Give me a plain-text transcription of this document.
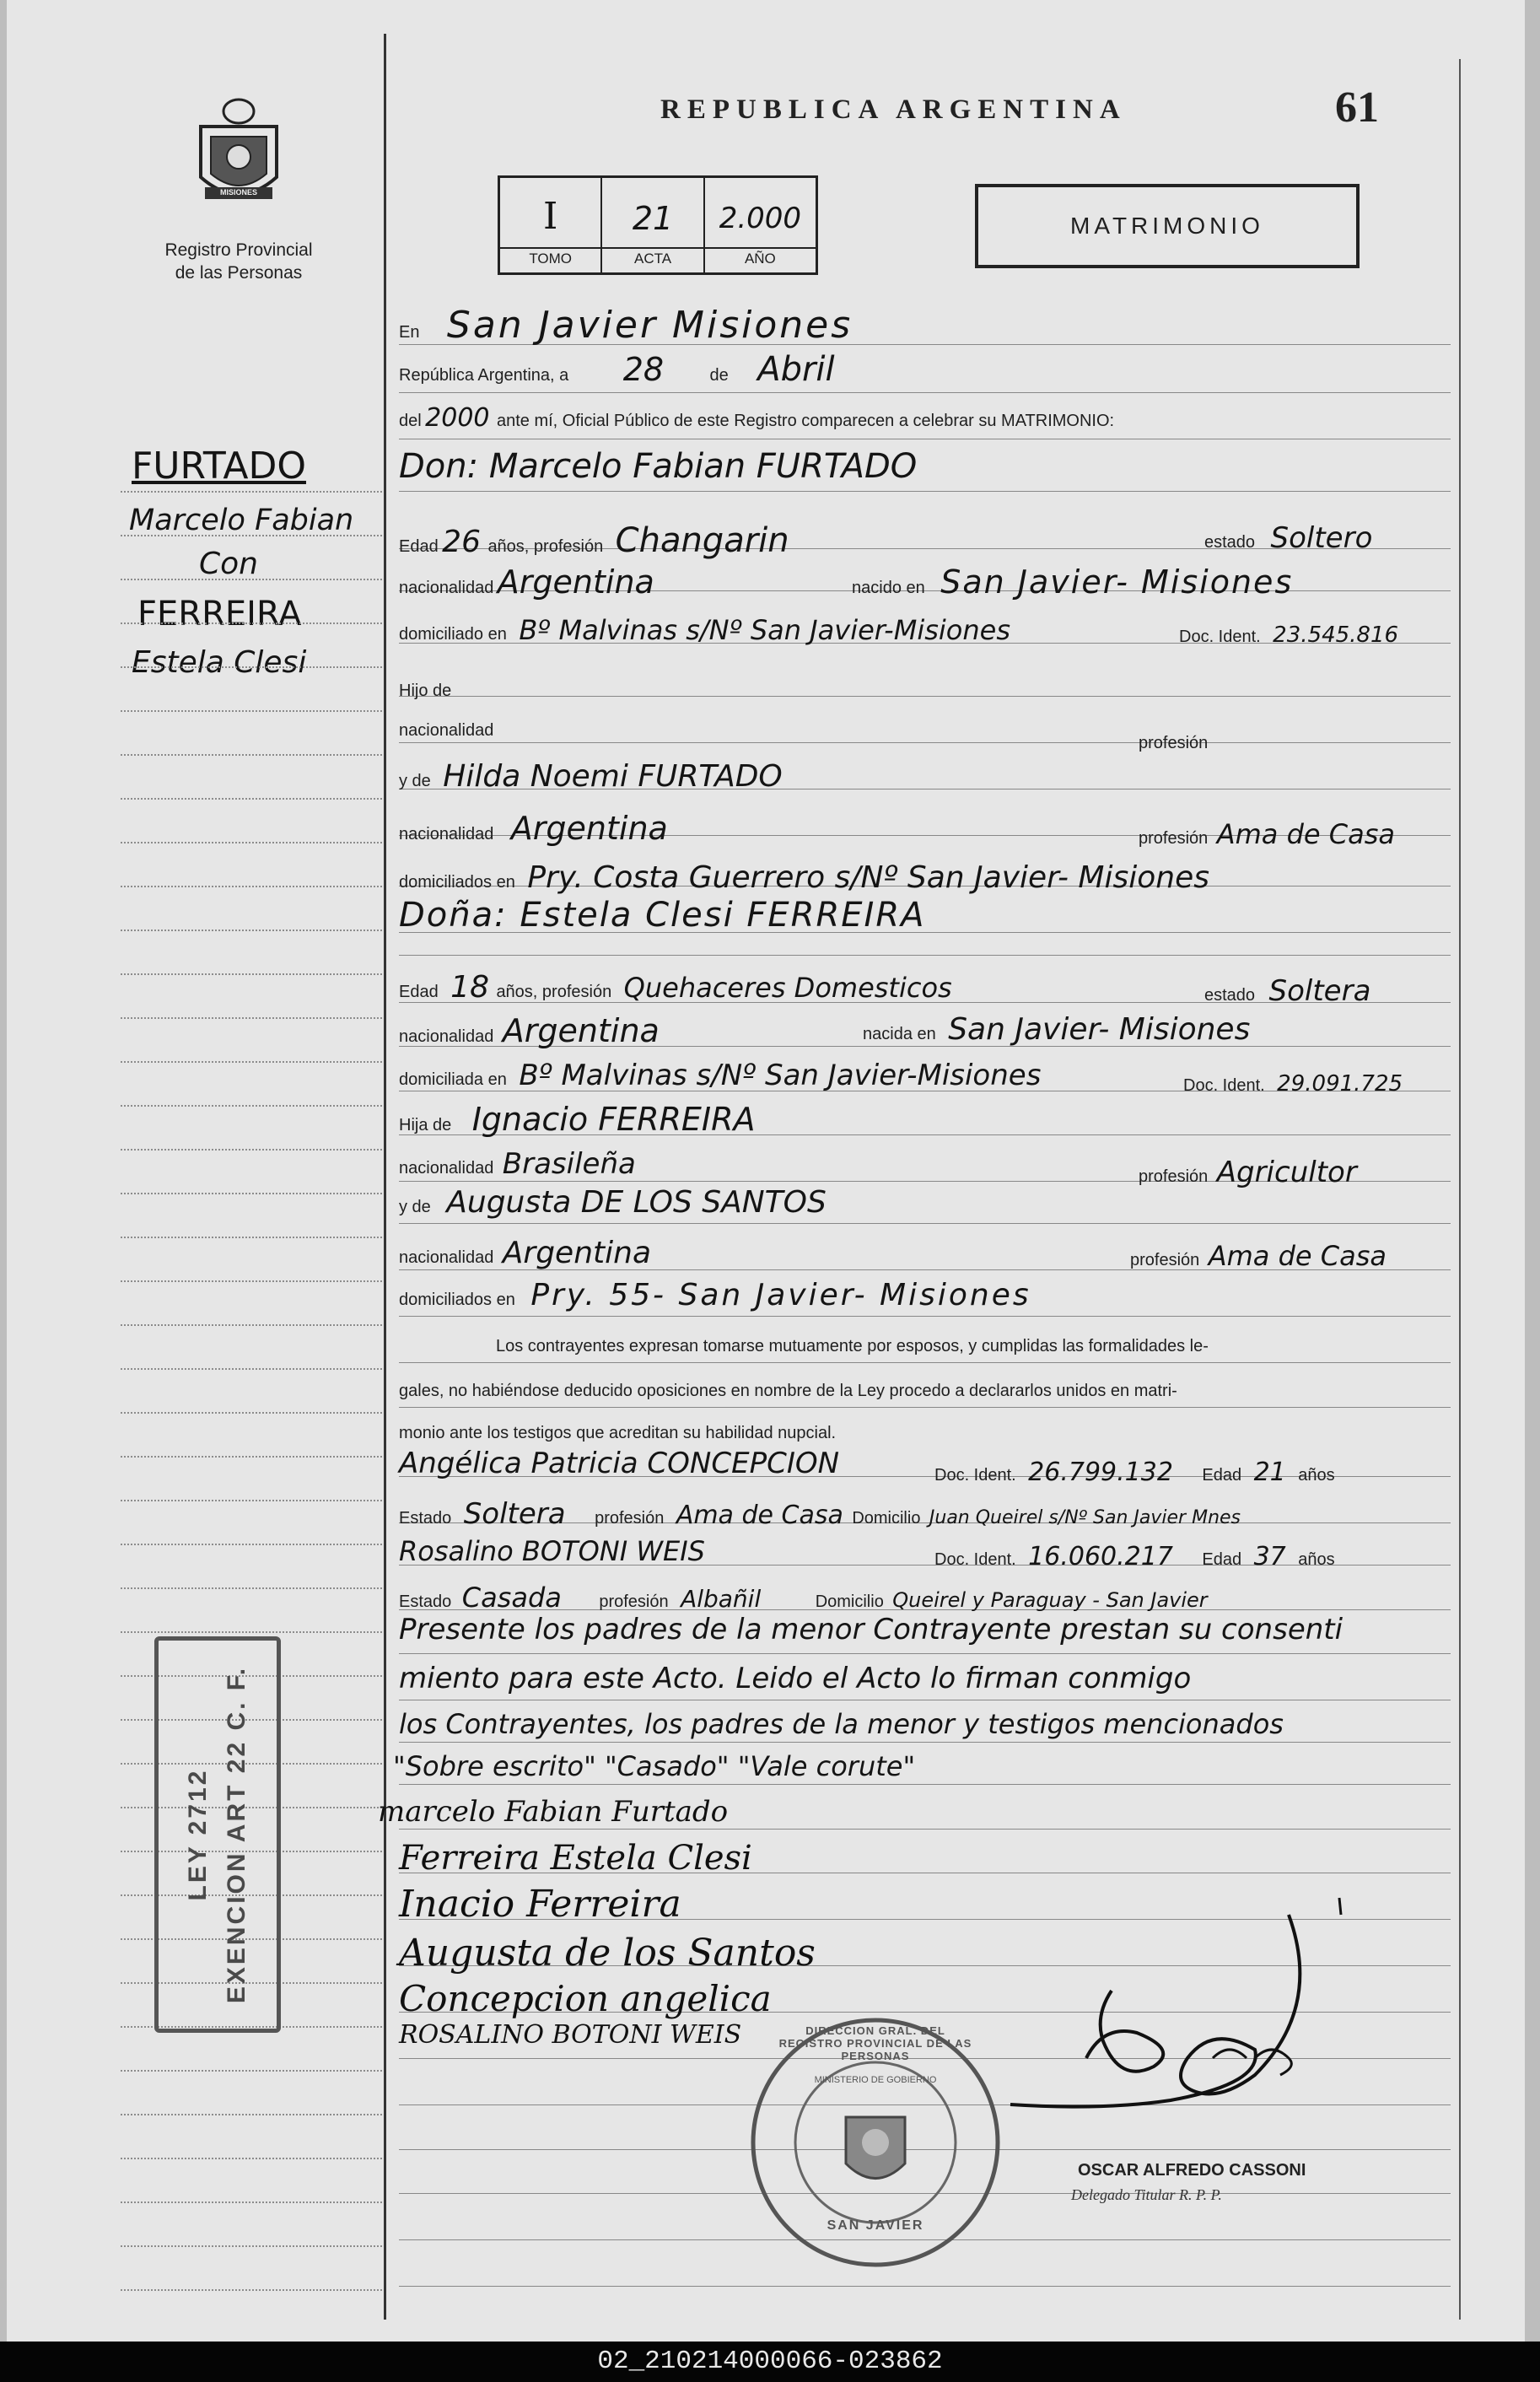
MISIONES
Registro Provincial
de las Personas
REPUBLICA ARGENTINA	61
I
TOMO
21
ACTA
2.000
AÑO
MATRIMONIO
FURTADO
Marcelo Fabian
Con
FERREIRA
Estela Clesi
En San Javier Misiones
República Argentina, a 28	de Abril
del 2000 ante mí, Oficial Público de este Registro comparecen a celebrar su MATRIMONIO:
Don: Marcelo Fabian FURTADO
Edad 26 años, profesión Changarin	estado Soltero
nacionalidad Argentina	nacido en San Javier- Misiones
domiciliado en Bº Malvinas s/Nº San Javier-Misiones	Doc. Ident. 23.545.816
Hijo de
nacionalidad
profesión
y de Hilda Noemi FURTADO
nacionalidad Argentina	profesión Ama de Casa
domiciliados en Pry. Costa Guerrero s/Nº San Javier- Misiones
Doña: Estela Clesi FERREIRA
Edad 18 años, profesión Quehaceres Domesticos	estado Soltera
nacionalidad Argentina	nacida en San Javier- Misiones
domiciliada en Bº Malvinas s/Nº San Javier-Misiones	Doc. Ident. 29.091.725
Hija de Ignacio FERREIRA
nacionalidad Brasileña	profesión Agricultor
y de Augusta DE LOS SANTOS
nacionalidad Argentina	profesión Ama de Casa
domiciliados en Pry. 55- San Javier- Misiones
Los contrayentes expresan tomarse mutuamente por esposos, y cumplidas las formalidades le-
gales, no habiéndose deducido oposiciones en nombre de la Ley procedo a declararlos unidos en matri-
monio ante los testigos que acreditan su habilidad nupcial.
Angélica Patricia CONCEPCION	Doc. Ident. 26.799.132 Edad 21 años
Estado Soltera profesión Ama de Casa Domicilio Juan Queirel s/Nº San Javier Mnes
Rosalino BOTONI WEIS	Doc. Ident. 16.060.217 Edad 37 años
Estado Casada profesión Albañil	Domicilio Queirel y Paraguay - San Javier
Presente los padres de la menor Contrayente prestan su consenti
miento para este Acto. Leido el Acto lo firman conmigo
los Contrayentes, los padres de la menor y testigos mencionados
"Sobre escrito" "Casado" "Vale corute"
marcelo Fabian Furtado
Ferreira Estela Clesi
Inacio Ferreira
Augusta de los Santos
Concepcion angelica
ROSALINO BOTONI WEIS
LEY 2712 EXENCION ART 22 C. F.
DIRECCION GRAL. DEL REGISTRO PROVINCIAL DE LAS PERSONAS
MINISTERIO DE GOBIERNO
SAN JAVIER
OSCAR ALFREDO CASSONI
Delegado Titular R. P. P.
02_210214000066-023862
